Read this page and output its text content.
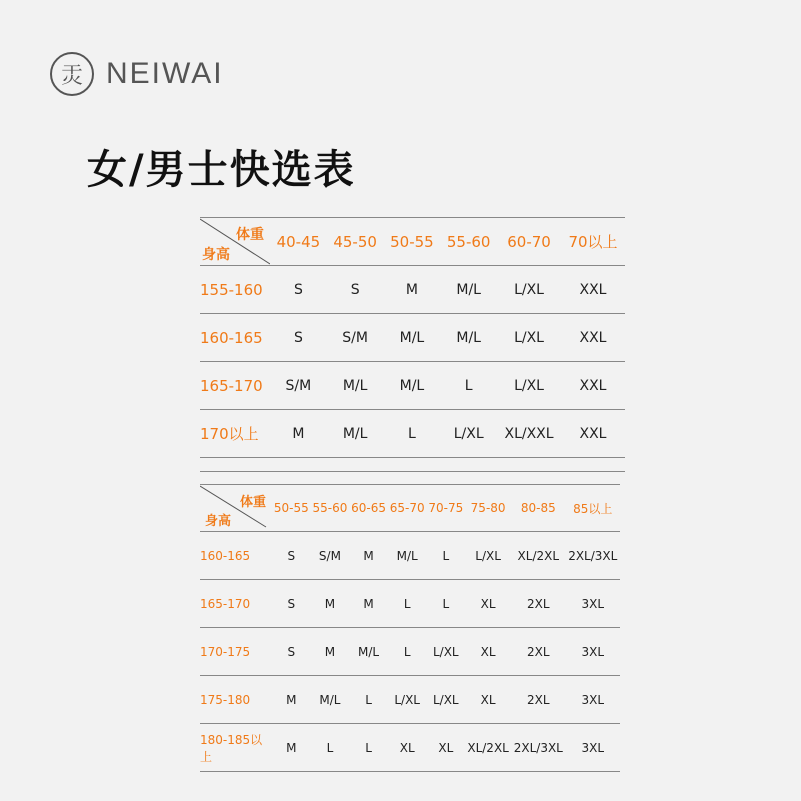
㶣 NEIWAI
女/男士快选表
体重
身高	40-45	45-50	50-55	55-60	60-70	70以上
155-160	S	S	M	M/L	L/XL	XXL
160-165	S	S/M	M/L	M/L	L/XL	XXL
165-170	S/M	M/L	M/L	L	L/XL	XXL
170以上	M	M/L	L	L/XL	XL/XXL	XXL

体重
身高	50-55	55-60	60-65	65-70	70-75	75-80	80-85	85以上
160-165	S	S/M	M	M/L	L	L/XL	XL/2XL	2XL/3XL
165-170	S	M	M	L	L	XL	2XL	3XL
170-175	S	M	M/L	L	L/XL	XL	2XL	3XL
175-180	M	M/L	L	L/XL	L/XL	XL	2XL	3XL
180-185以上	M	L	L	XL	XL	XL/2XL	2XL/3XL	3XL
